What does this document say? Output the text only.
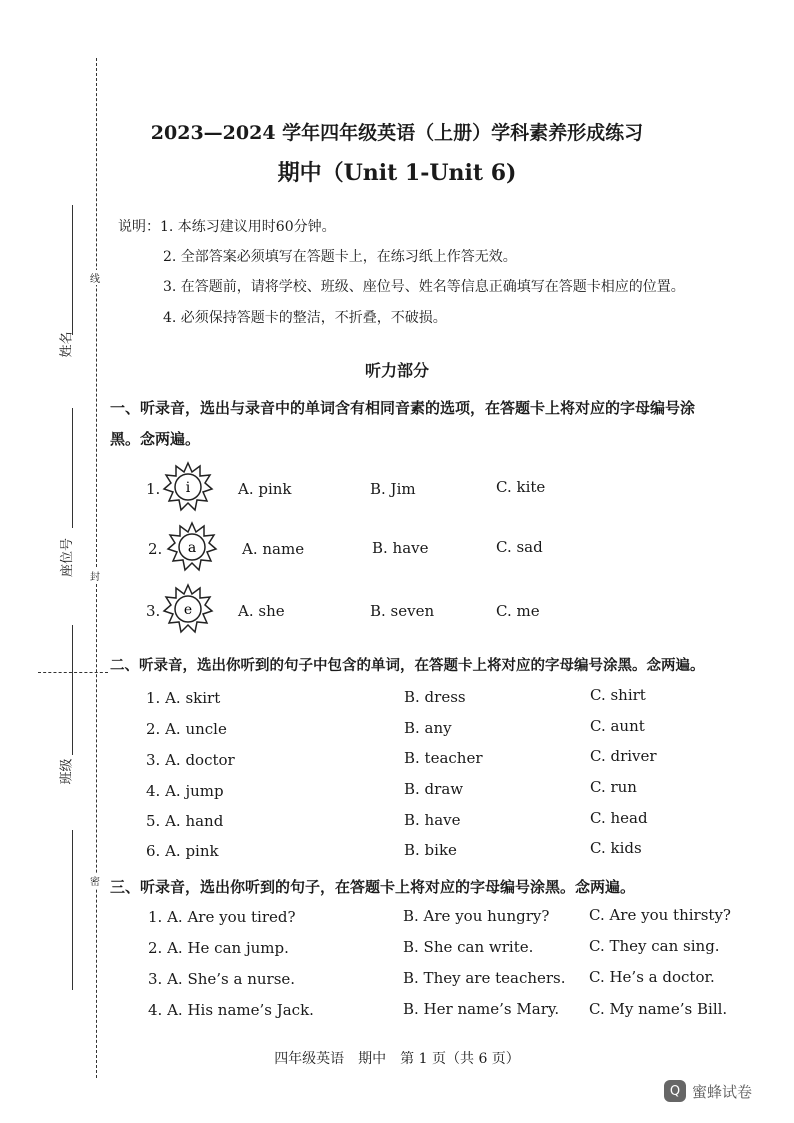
姓名
座位号
班级
线
封
密
2023—2024 学年四年级英语（上册）学科素养形成练习
期中（Unit 1-Unit 6)
说明：1. 本练习建议用时60分钟。
2. 全部答案必须填写在答题卡上，在练习纸上作答无效。
3. 在答题前，请将学校、班级、座位号、姓名等信息正确填写在答题卡相应的位置。
4. 必须保持答题卡的整洁，不折叠，不破损。
听力部分
一、听录音，选出与录音中的单词含有相同音素的选项，在答题卡上将对应的字母编号涂
黑。念两遍。
1. i	A. pink	B. Jim	C. kite
2. a	A. name	B. have	C. sad
3. e	A. she	B. seven	C. me
二、听录音，选出你听到的句子中包含的单词，在答题卡上将对应的字母编号涂黑。念两遍。
1. A. skirt	B. dress	C. shirt
2. A. uncle	B. any	C. aunt
3. A. doctor	B. teacher	C. driver
4. A. jump	B. draw	C. run
5. A. hand	B. have	C. head
6. A. pink	B. bike	C. kids
三、听录音，选出你听到的句子，在答题卡上将对应的字母编号涂黑。念两遍。
1. A. Are you tired?	B. Are you hungry?	C. Are you thirsty?
2. A. He can jump.	B. She can write.	C. They can sing.
3. A. She’s a nurse.	B. They are teachers. C. He’s a doctor.
4. A. His name’s Jack.	B. Her name’s Mary. C. My name’s Bill.
四年级英语　期中　第 1 页（共 6 页）
Q 蜜蜂试卷
